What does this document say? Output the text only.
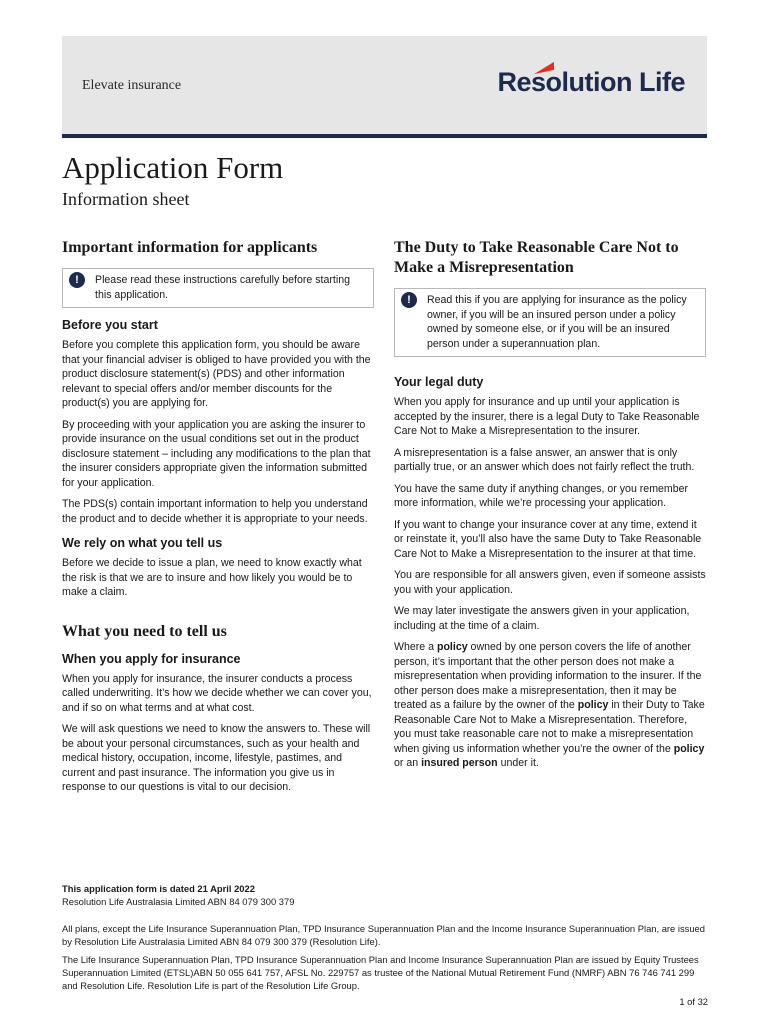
Elevate insurance	Resolution Life
Application Form
Information sheet
Important information for applicants
!	Please read these instructions carefully before starting this application.
Before you start

Before you complete this application form, you should be aware that your financial adviser is obliged to have provided you with the product disclosure statement(s) (PDS) and other information relevant to special offers and/or member discounts for the product(s) you are applying for.

By proceeding with your application you are asking the insurer to provide insurance on the usual conditions set out in the product disclosure statement – including any modifications to the plan that the insurer considers appropriate given the information submitted for your application.

The PDS(s) contain important information to help you understand the product and to decide whether it is appropriate to your needs.

We rely on what you tell us

Before we decide to issue a plan, we need to know exactly what the risk is that we are to insure and how likely you would be to make a claim.

What you need to tell us
When you apply for insurance

When you apply for insurance, the insurer conducts a process called underwriting. It’s how we decide whether we can cover you, and if so on what terms and at what cost.

We will ask questions we need to know the answers to. These will be about your personal circumstances, such as your health and medical history, occupation, income, lifestyle, pastimes, and current and past insurance. The information you give us in response to our questions is vital to our decision.

The Duty to Take Reasonable Care Not to Make a Misrepresentation
!	Read this if you are applying for insurance as the policy owner, if you will be an insured person under a policy owned by someone else, or if you will be an insured person under a superannuation plan.
Your legal duty

When you apply for insurance and up until your application is accepted by the insurer, there is a legal Duty to Take Reasonable Care Not to Make a Misrepresentation to the insurer.

A misrepresentation is a false answer, an answer that is only partially true, or an answer which does not fairly reflect the truth.

You have the same duty if anything changes, or you remember more information, while we’re processing your application.

If you want to change your insurance cover at any time, extend it or reinstate it, you’ll also have the same Duty to Take Reasonable Care Not to Make a Misrepresentation to the insurer at that time.

You are responsible for all answers given, even if someone assists you with your application.

We may later investigate the answers given in your application, including at the time of a claim.

Where a policy owned by one person covers the life of another person, it’s important that the other person does not make a misrepresentation when providing information to the insurer. If the other person does make a misrepresentation, then it may be treated as a failure by the owner of the policy in their Duty to Take Reasonable Care Not to Make a Misrepresentation. Therefore, you must take reasonable care not to make a misrepresentation when giving us information whether you’re the owner of the policy or an insured person under it.

This application form is dated 21 April 2022

Resolution Life Australasia Limited ABN 84 079 300 379

All plans, except the Life Insurance Superannuation Plan, TPD Insurance Superannuation Plan and the Income Insurance Superannuation Plan, are issued by Resolution Life Australasia Limited ABN 84 079 300 379 (Resolution Life).

The Life Insurance Superannuation Plan, TPD Insurance Superannuation Plan and Income Insurance Superannuation Plan are issued by Equity Trustees Superannuation Limited (ETSL)ABN 50 055 641 757, AFSL No. 229757 as trustee of the National Mutual Retirement Fund (NMRF) ABN 76 746 741 299 and Resolution Life. Resolution Life is part of the Resolution Life Group.

1 of 32
